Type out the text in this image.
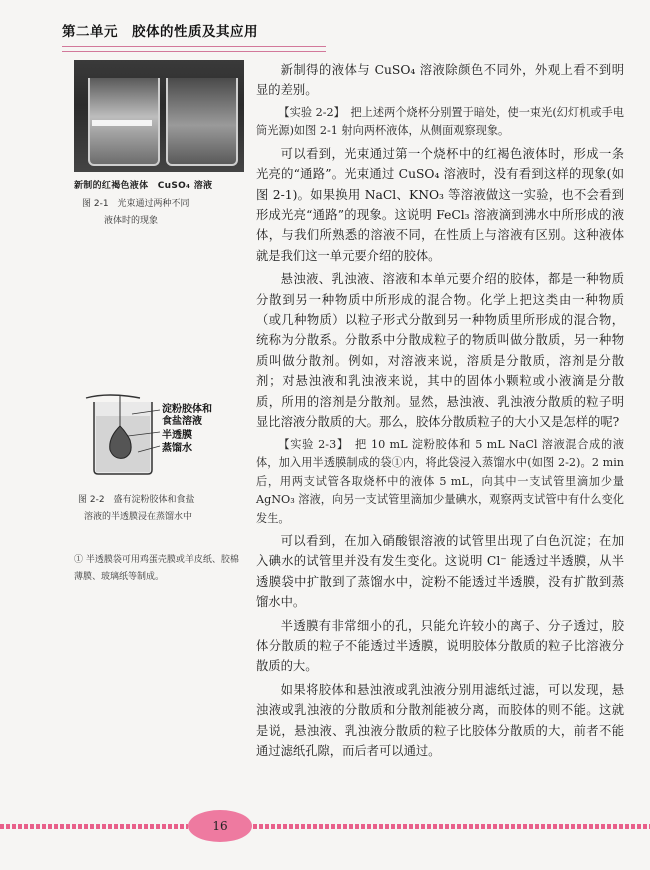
第二单元　胶体的性质及其应用
新制的红褐色液体　CuSO₄ 溶液
图 2-1　光束通过两种不同
液体时的现象
淀粉胶体和
食盐溶液
半透膜
蒸馏水
图 2-2　盛有淀粉胶体和食盐
溶液的半透膜浸在蒸馏水中
① 半透膜袋可用鸡蛋壳膜或羊皮纸、胶棉薄膜、玻璃纸等制成。

新制得的液体与 CuSO₄ 溶液除颜色不同外，外观上看不到明显的差别。

【实验 2-2】　把上述两个烧杯分别置于暗处，使一束光(幻灯机或手电筒光源)如图 2-1 射向两杯液体，从侧面观察现象。

可以看到，光束通过第一个烧杯中的红褐色液体时，形成一条光亮的“通路”。光束通过 CuSO₄ 溶液时，没有看到这样的现象(如图 2-1)。如果换用 NaCl、KNO₃ 等溶液做这一实验，也不会看到形成光亮“通路”的现象。这说明 FeCl₃ 溶液滴到沸水中所形成的液体，与我们所熟悉的溶液不同，在性质上与溶液有区别。这种液体就是我们这一单元要介绍的胶体。

悬浊液、乳浊液、溶液和本单元要介绍的胶体，都是一种物质分散到另一种物质中所形成的混合物。化学上把这类由一种物质（或几种物质）以粒子形式分散到另一种物质里所形成的混合物，统称为分散系。分散系中分散成粒子的物质叫做分散质，另一种物质叫做分散剂。例如，对溶液来说，溶质是分散质，溶剂是分散剂；对悬浊液和乳浊液来说，其中的固体小颗粒或小液滴是分散质，所用的溶剂是分散剂。显然，悬浊液、乳浊液分散质的粒子明显比溶液分散质的大。那么，胶体分散质粒子的大小又是怎样的呢?

【实验 2-3】　把 10 mL 淀粉胶体和 5 mL NaCl 溶液混合成的液体，加入用半透膜制成的袋①内，将此袋浸入蒸馏水中(如图 2-2)。2 min 后，用两支试管各取烧杯中的液体 5 mL，向其中一支试管里滴加少量 AgNO₃ 溶液，向另一支试管里滴加少量碘水，观察两支试管中有什么变化发生。

可以看到，在加入硝酸银溶液的试管里出现了白色沉淀；在加入碘水的试管里并没有发生变化。这说明 Cl⁻ 能透过半透膜，从半透膜袋中扩散到了蒸馏水中，淀粉不能透过半透膜，没有扩散到蒸馏水中。

半透膜有非常细小的孔，只能允许较小的离子、分子透过，胶体分散质的粒子不能透过半透膜，说明胶体分散质的粒子比溶液分散质的大。

如果将胶体和悬浊液或乳浊液分别用滤纸过滤，可以发现，悬浊液或乳浊液的分散质和分散剂能被分离，而胶体的则不能。这就是说，悬浊液、乳浊液分散质的粒子比胶体分散质的大，前者不能通过滤纸孔隙，而后者可以通过。

16
